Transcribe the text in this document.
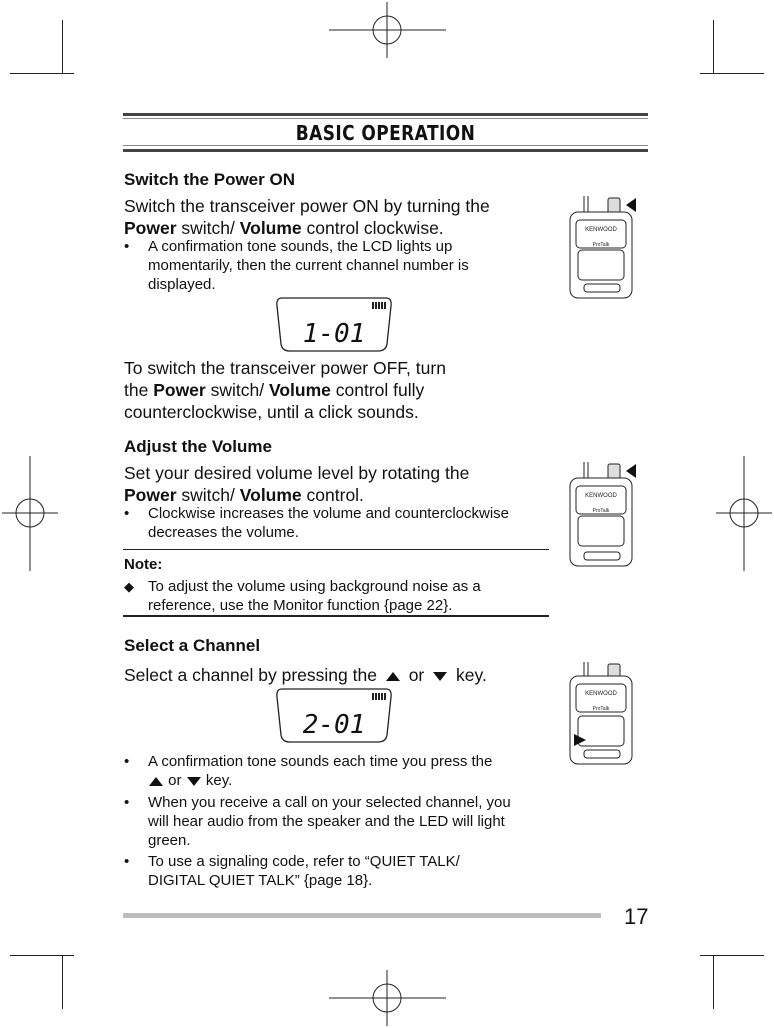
BASIC OPERATION
Switch the Power ON

Switch the transceiver power ON by turning the
Power switch/ Volume control clockwise.

• A confirmation tone sounds, the LCD lights up
momentarily, then the current channel number is
displayed.
1-01

To switch the transceiver power OFF, turn
the Power switch/ Volume control fully
counterclockwise, until a click sounds.

Adjust the Volume

Set your desired volume level by rotating the
Power switch/ Volume control.

• Clockwise increases the volume and counterclockwise
decreases the volume.
Note:
◆ To adjust the volume using background noise as a
reference, use the Monitor function {page 22}.
Select a Channel
Select a channel by pressing the or key.
2-01
• A confirmation tone sounds each time you press the
or key.
• When you receive a call on your selected channel, you
will hear audio from the speaker and the LED will light
green.
• To use a signaling code, refer to “QUIET TALK/
DIGITAL QUIET TALK” {page 18}.
KENWOOD
ProTalk
KENWOOD
ProTalk
KENWOOD
ProTalk
17
